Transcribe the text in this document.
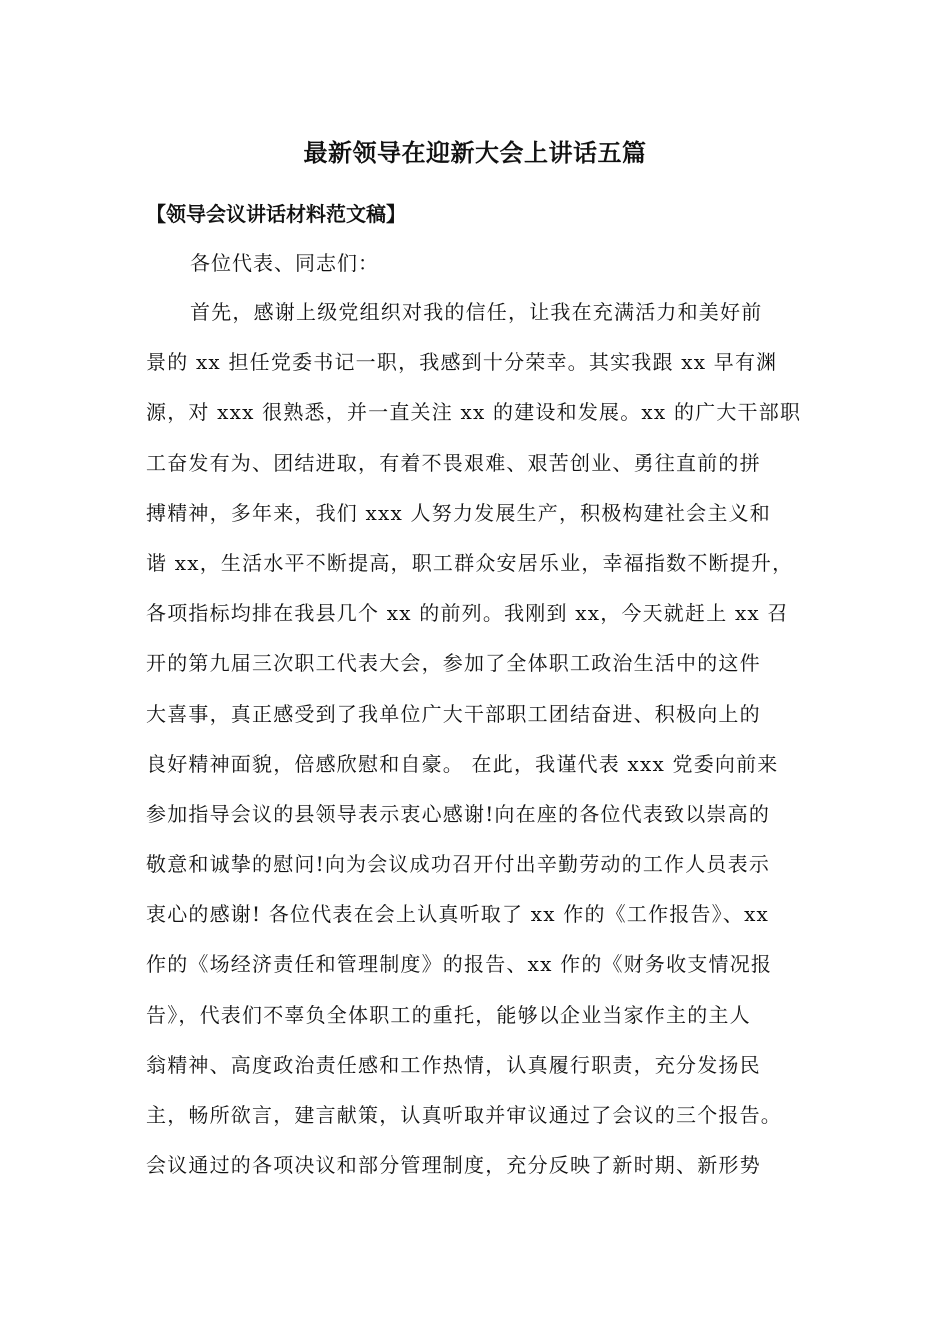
最新领导在迎新大会上讲话五篇

【领导会议讲话材料范文稿】

各位代表、同志们：

首先，感谢上级党组织对我的信任，让我在充满活力和美好前
景的 xx 担任党委书记一职，我感到十分荣幸。其实我跟 xx 早有渊
源，对 xxx 很熟悉，并一直关注 xx 的建设和发展。xx 的广大干部职
工奋发有为、团结进取，有着不畏艰难、艰苦创业、勇往直前的拼
搏精神，多年来，我们 xxx 人努力发展生产，积极构建社会主义和
谐 xx，生活水平不断提高，职工群众安居乐业，幸福指数不断提升，
各项指标均排在我县几个 xx 的前列。我刚到 xx，今天就赶上 xx 召
开的第九届三次职工代表大会，参加了全体职工政治生活中的这件
大喜事，真正感受到了我单位广大干部职工团结奋进、积极向上的
良好精神面貌，倍感欣慰和自豪。 在此，我谨代表 xxx 党委向前来
参加指导会议的县领导表示衷心感谢!向在座的各位代表致以崇高的
敬意和诚挚的慰问!向为会议成功召开付出辛勤劳动的工作人员表示
衷心的感谢! 各位代表在会上认真听取了 xx 作的《工作报告》、xx
作的《场经济责任和管理制度》的报告、xx 作的《财务收支情况报
告》，代表们不辜负全体职工的重托，能够以企业当家作主的主人
翁精神、高度政治责任感和工作热情，认真履行职责，充分发扬民
主，畅所欲言，建言献策，认真听取并审议通过了会议的三个报告。
会议通过的各项决议和部分管理制度，充分反映了新时期、新形势
